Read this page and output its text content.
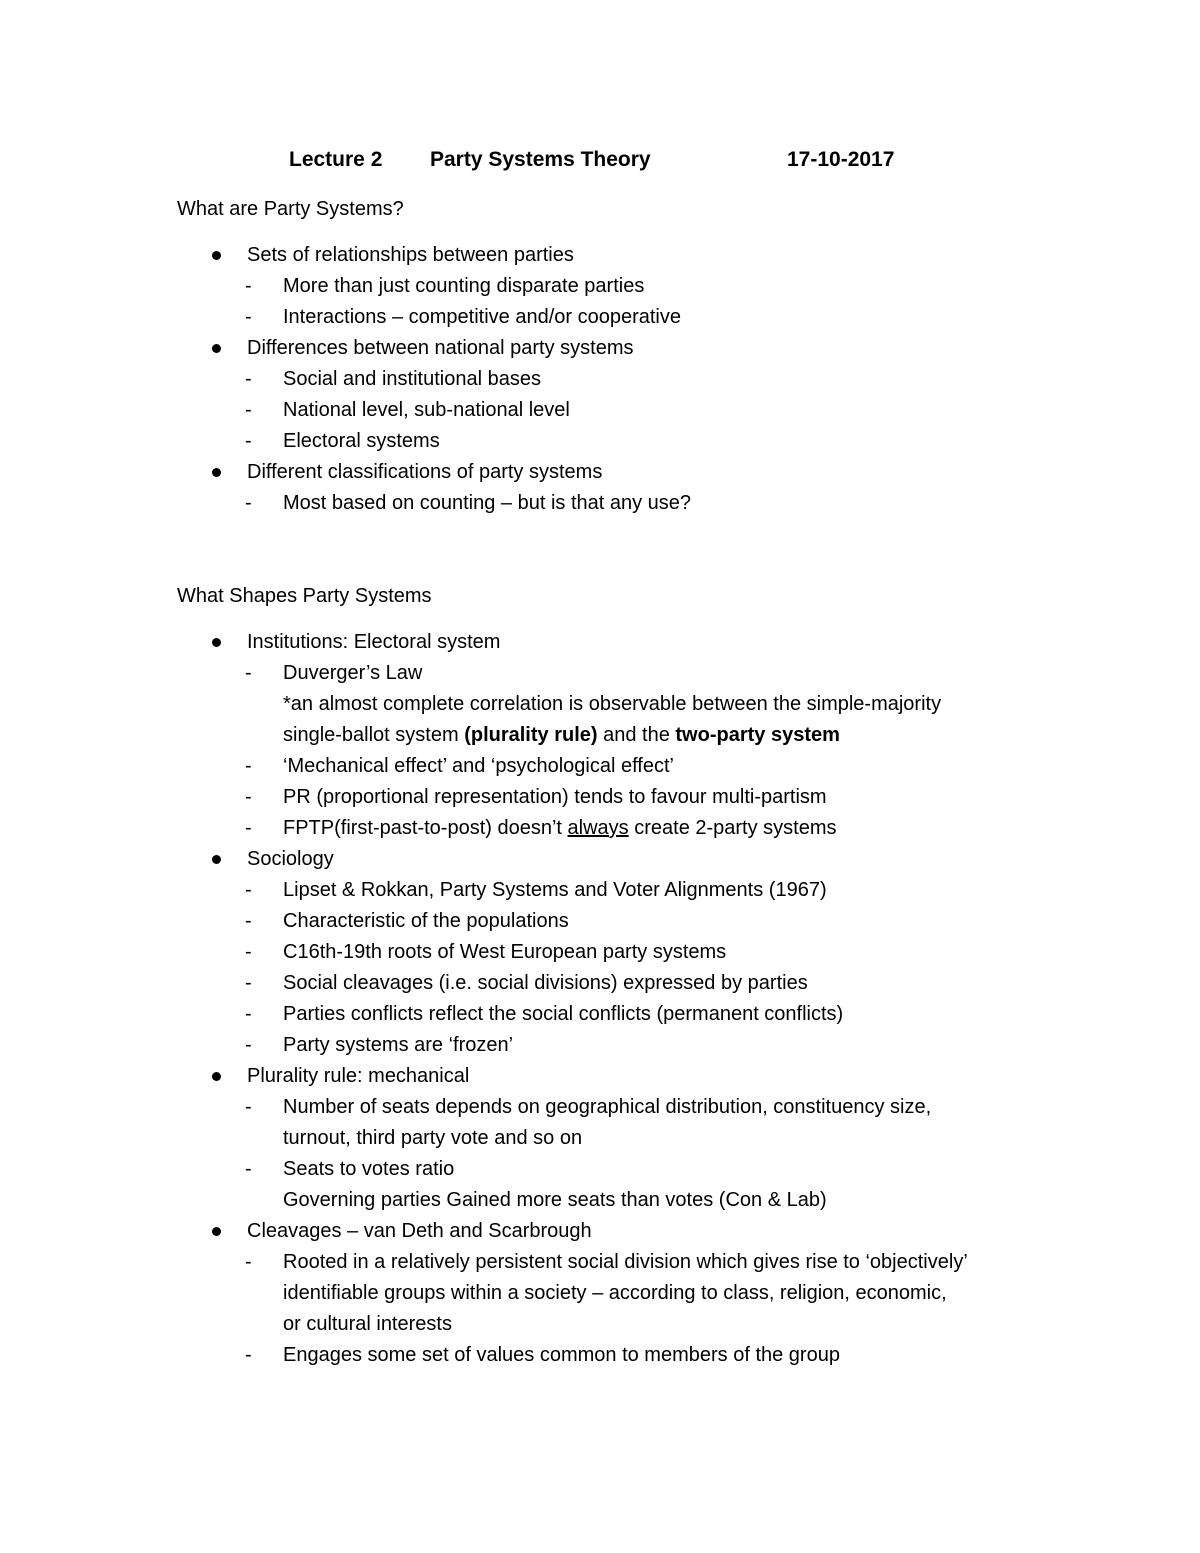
Lecture 2 Party Systems Theory	17-10-2017
What are Party Systems?
Sets of relationships between parties
- More than just counting disparate parties
- Interactions – competitive and/or cooperative
Differences between national party systems
- Social and institutional bases
- National level, sub-national level
- Electoral systems
Different classifications of party systems
- Most based on counting – but is that any use?
What Shapes Party Systems
Institutions: Electoral system
- Duverger’s Law
*an almost complete correlation is observable between the simple-majority
single-ballot system (plurality rule) and the two-party system
- ‘Mechanical effect’ and ‘psychological effect’
- PR (proportional representation) tends to favour multi-partism
- FPTP(first-past-to-post) doesn’t always create 2-party systems
Sociology
- Lipset & Rokkan, Party Systems and Voter Alignments (1967)
- Characteristic of the populations
- C16th-19th roots of West European party systems
- Social cleavages (i.e. social divisions) expressed by parties
- Parties conflicts reflect the social conflicts (permanent conflicts)
- Party systems are ‘frozen’
Plurality rule: mechanical
- Number of seats depends on geographical distribution, constituency size,
turnout, third party vote and so on
- Seats to votes ratio
Governing parties Gained more seats than votes (Con & Lab)
Cleavages – van Deth and Scarbrough
- Rooted in a relatively persistent social division which gives rise to ‘objectively’
identifiable groups within a society – according to class, religion, economic,
or cultural interests
- Engages some set of values common to members of the group
